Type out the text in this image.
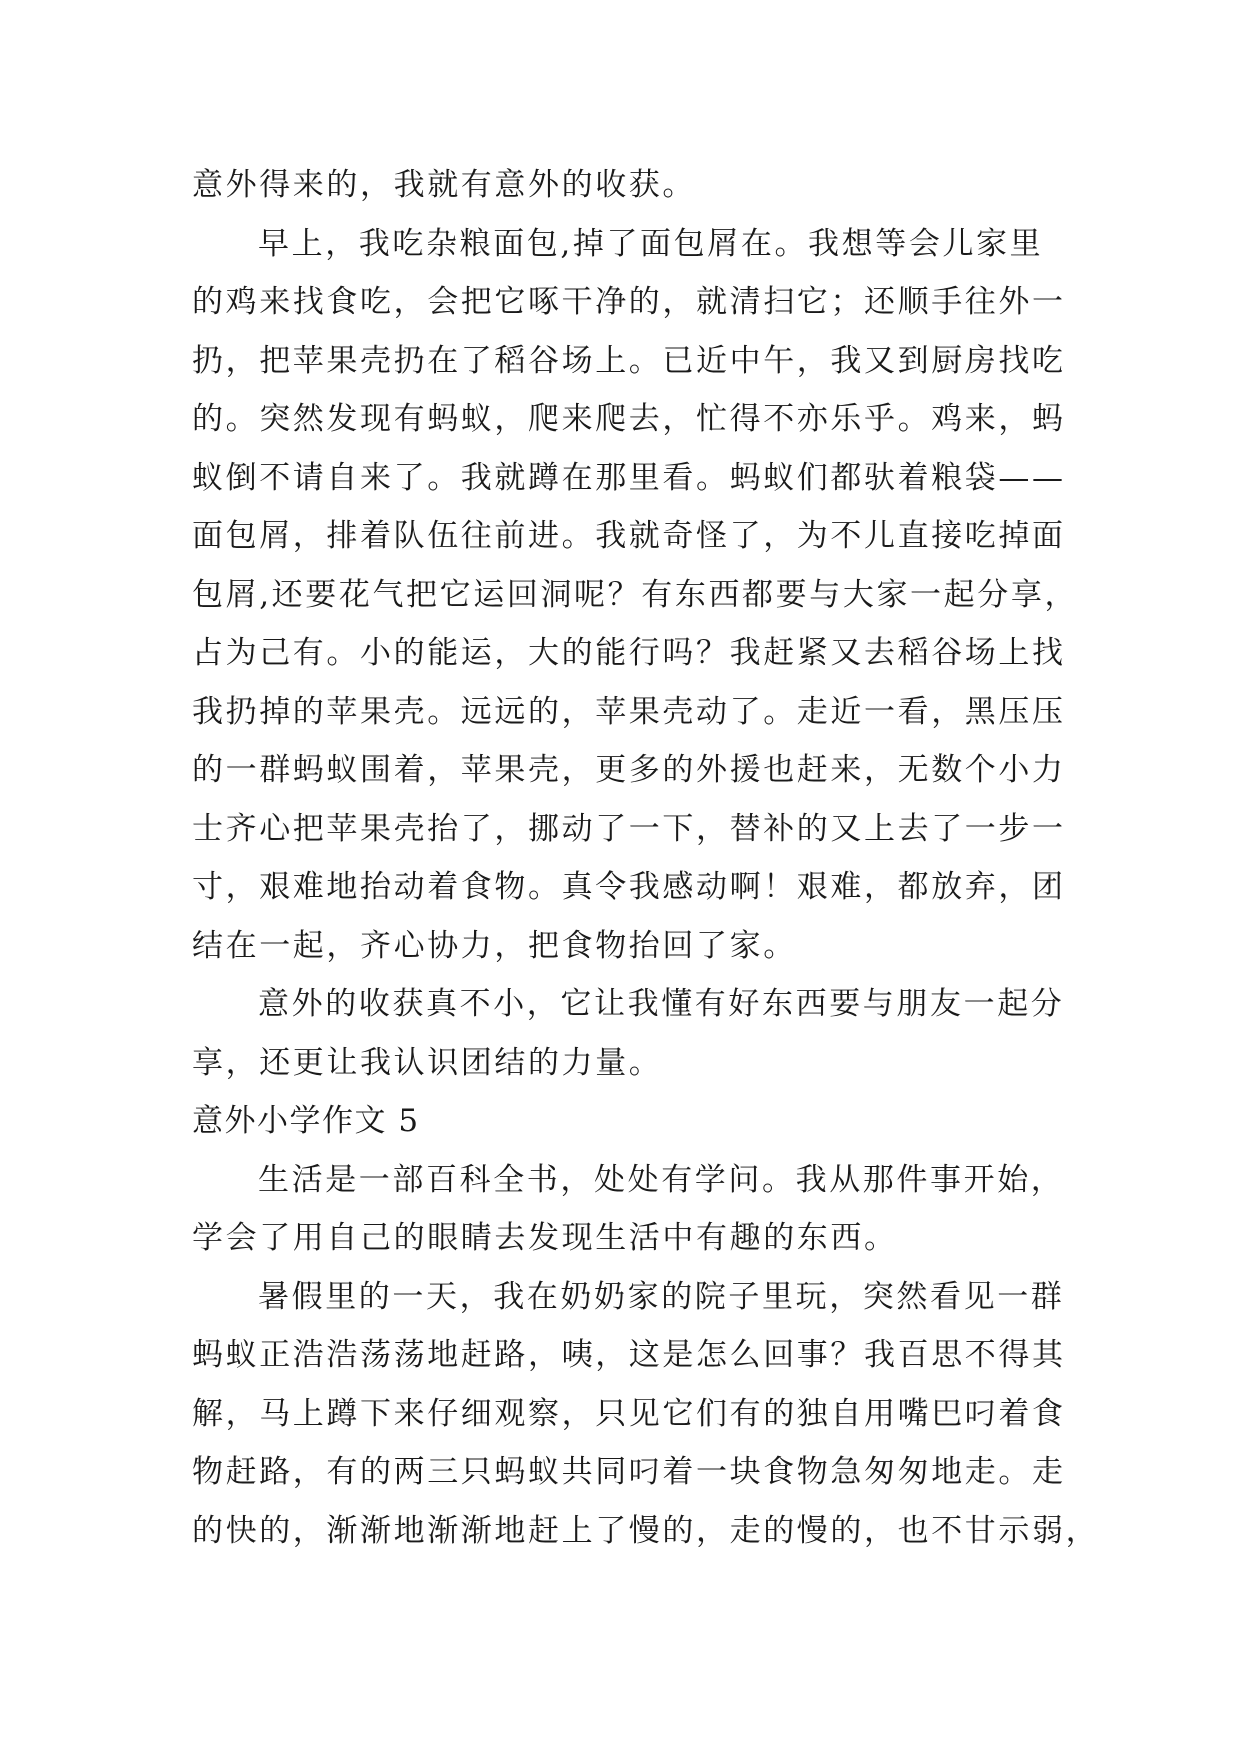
意外得来的，我就有意外的收获。
早上，我吃杂粮面包,掉了面包屑在。我想等会儿家里
的鸡来找食吃，会把它啄干净的，就清扫它；还顺手往外一
扔，把苹果壳扔在了稻谷场上。已近中午，我又到厨房找吃
的。突然发现有蚂蚁，爬来爬去，忙得不亦乐乎。鸡来，蚂
蚁倒不请自来了。我就蹲在那里看。蚂蚁们都驮着粮袋——
面包屑，排着队伍往前进。我就奇怪了，为不儿直接吃掉面
包屑,还要花气把它运回洞呢？有东西都要与大家一起分享，
占为己有。小的能运，大的能行吗？我赶紧又去稻谷场上找
我扔掉的苹果壳。远远的，苹果壳动了。走近一看，黑压压
的一群蚂蚁围着，苹果壳，更多的外援也赶来，无数个小力
士齐心把苹果壳抬了，挪动了一下，替补的又上去了一步一
寸，艰难地抬动着食物。真令我感动啊！艰难，都放弃，团
结在一起，齐心协力，把食物抬回了家。
意外的收获真不小，它让我懂有好东西要与朋友一起分
享，还更让我认识团结的力量。
意外小学作文 5
生活是一部百科全书，处处有学问。我从那件事开始，
学会了用自己的眼睛去发现生活中有趣的东西。
暑假里的一天，我在奶奶家的院子里玩，突然看见一群
蚂蚁正浩浩荡荡地赶路，咦，这是怎么回事？我百思不得其
解，马上蹲下来仔细观察，只见它们有的独自用嘴巴叼着食
物赶路，有的两三只蚂蚁共同叼着一块食物急匆匆地走。走
的快的，渐渐地渐渐地赶上了慢的，走的慢的，也不甘示弱，
